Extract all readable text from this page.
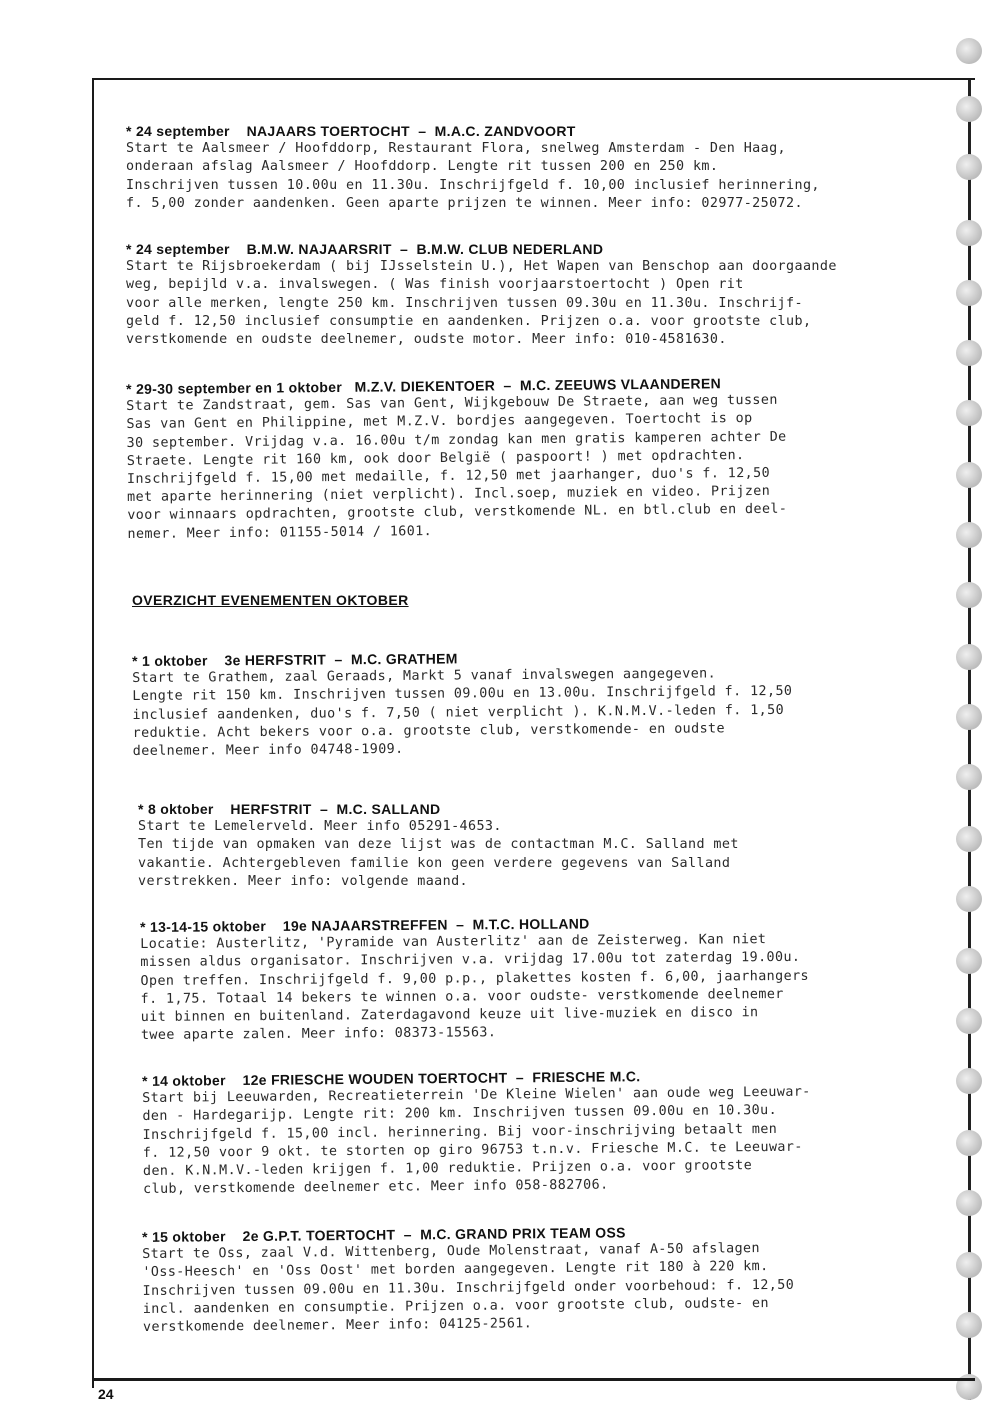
* 24 september    NAJAARS TOERTOCHT  –  M.A.C. ZANDVOORT
Start te Aalsmeer / Hoofddorp, Restaurant Flora, snelweg Amsterdam - Den Haag,
onderaan afslag Aalsmeer / Hoofddorp. Lengte rit tussen 200 en 250 km.
Inschrijven tussen 10.00u en 11.30u. Inschrijfgeld f. 10,00 inclusief herinnering,
f. 5,00 zonder aandenken. Geen aparte prijzen te winnen. Meer info: 02977-25072.
* 24 september    B.M.W. NAJAARSRIT  –  B.M.W. CLUB NEDERLAND
Start te Rijsbroekerdam ( bij IJsselstein U.), Het Wapen van Benschop aan doorgaande
weg, bepijld v.a. invalswegen. ( Was finish voorjaarstoertocht ) Open rit
voor alle merken, lengte 250 km. Inschrijven tussen 09.30u en 11.30u. Inschrijf-
geld f. 12,50 inclusief consumptie en aandenken. Prijzen o.a. voor grootste club,
verstkomende en oudste deelnemer, oudste motor. Meer info: 010-4581630.
* 29-30 september en 1 oktober   M.Z.V. DIEKENTOER  –  M.C. ZEEUWS VLAANDEREN
Start te Zandstraat, gem. Sas van Gent, Wijkgebouw De Straete, aan weg tussen
Sas van Gent en Philippine, met M.Z.V. bordjes aangegeven. Toertocht is op
30 september. Vrijdag v.a. 16.00u t/m zondag kan men gratis kamperen achter De
Straete. Lengte rit 160 km, ook door België ( paspoort! ) met opdrachten.
Inschrijfgeld f. 15,00 met medaille, f. 12,50 met jaarhanger, duo's f. 12,50
met aparte herinnering (niet verplicht). Incl.soep, muziek en video. Prijzen
voor winnaars opdrachten, grootste club, verstkomende NL. en btl.club en deel-
nemer. Meer info: 01155-5014 / 1601.
OVERZICHT EVENEMENTEN OKTOBER
* 1 oktober    3e HERFSTRIT  –  M.C. GRATHEM
Start te Grathem, zaal Geraads, Markt 5 vanaf invalswegen aangegeven.
Lengte rit 150 km. Inschrijven tussen 09.00u en 13.00u. Inschrijfgeld f. 12,50
inclusief aandenken, duo's f. 7,50 ( niet verplicht ). K.N.M.V.-leden f. 1,50
reduktie. Acht bekers voor o.a. grootste club, verstkomende- en oudste
deelnemer. Meer info 04748-1909.
* 8 oktober    HERFSTRIT  –  M.C. SALLAND
Start te Lemelerveld. Meer info 05291-4653.
Ten tijde van opmaken van deze lijst was de contactman M.C. Salland met
vakantie. Achtergebleven familie kon geen verdere gegevens van Salland
verstrekken. Meer info: volgende maand.
* 13-14-15 oktober    19e NAJAARSTREFFEN  –  M.T.C. HOLLAND
Locatie: Austerlitz, 'Pyramide van Austerlitz' aan de Zeisterweg. Kan niet
missen aldus organisator. Inschrijven v.a. vrijdag 17.00u tot zaterdag 19.00u.
Open treffen. Inschrijfgeld f. 9,00 p.p., plakettes kosten f. 6,00, jaarhangers
f. 1,75. Totaal 14 bekers te winnen o.a. voor oudste- verstkomende deelnemer
uit binnen en buitenland. Zaterdagavond keuze uit live-muziek en disco in
twee aparte zalen. Meer info: 08373-15563.
* 14 oktober    12e FRIESCHE WOUDEN TOERTOCHT  –  FRIESCHE M.C.
Start bij Leeuwarden, Recreatieterrein 'De Kleine Wielen' aan oude weg Leeuwar-
den - Hardegarijp. Lengte rit: 200 km. Inschrijven tussen 09.00u en 10.30u.
Inschrijfgeld f. 15,00 incl. herinnering. Bij voor-inschrijving betaalt men
f. 12,50 voor 9 okt. te storten op giro 96753 t.n.v. Friesche M.C. te Leeuwar-
den. K.N.M.V.-leden krijgen f. 1,00 reduktie. Prijzen o.a. voor grootste
club, verstkomende deelnemer etc. Meer info 058-882706.
* 15 oktober    2e G.P.T. TOERTOCHT  –  M.C. GRAND PRIX TEAM OSS
Start te Oss, zaal V.d. Wittenberg, Oude Molenstraat, vanaf A-50 afslagen
'Oss-Heesch' en 'Oss Oost' met borden aangegeven. Lengte rit 180 à 220 km.
Inschrijven tussen 09.00u en 11.30u. Inschrijfgeld onder voorbehoud: f. 12,50
incl. aandenken en consumptie. Prijzen o.a. voor grootste club, oudste- en
verstkomende deelnemer. Meer info: 04125-2561.
24
